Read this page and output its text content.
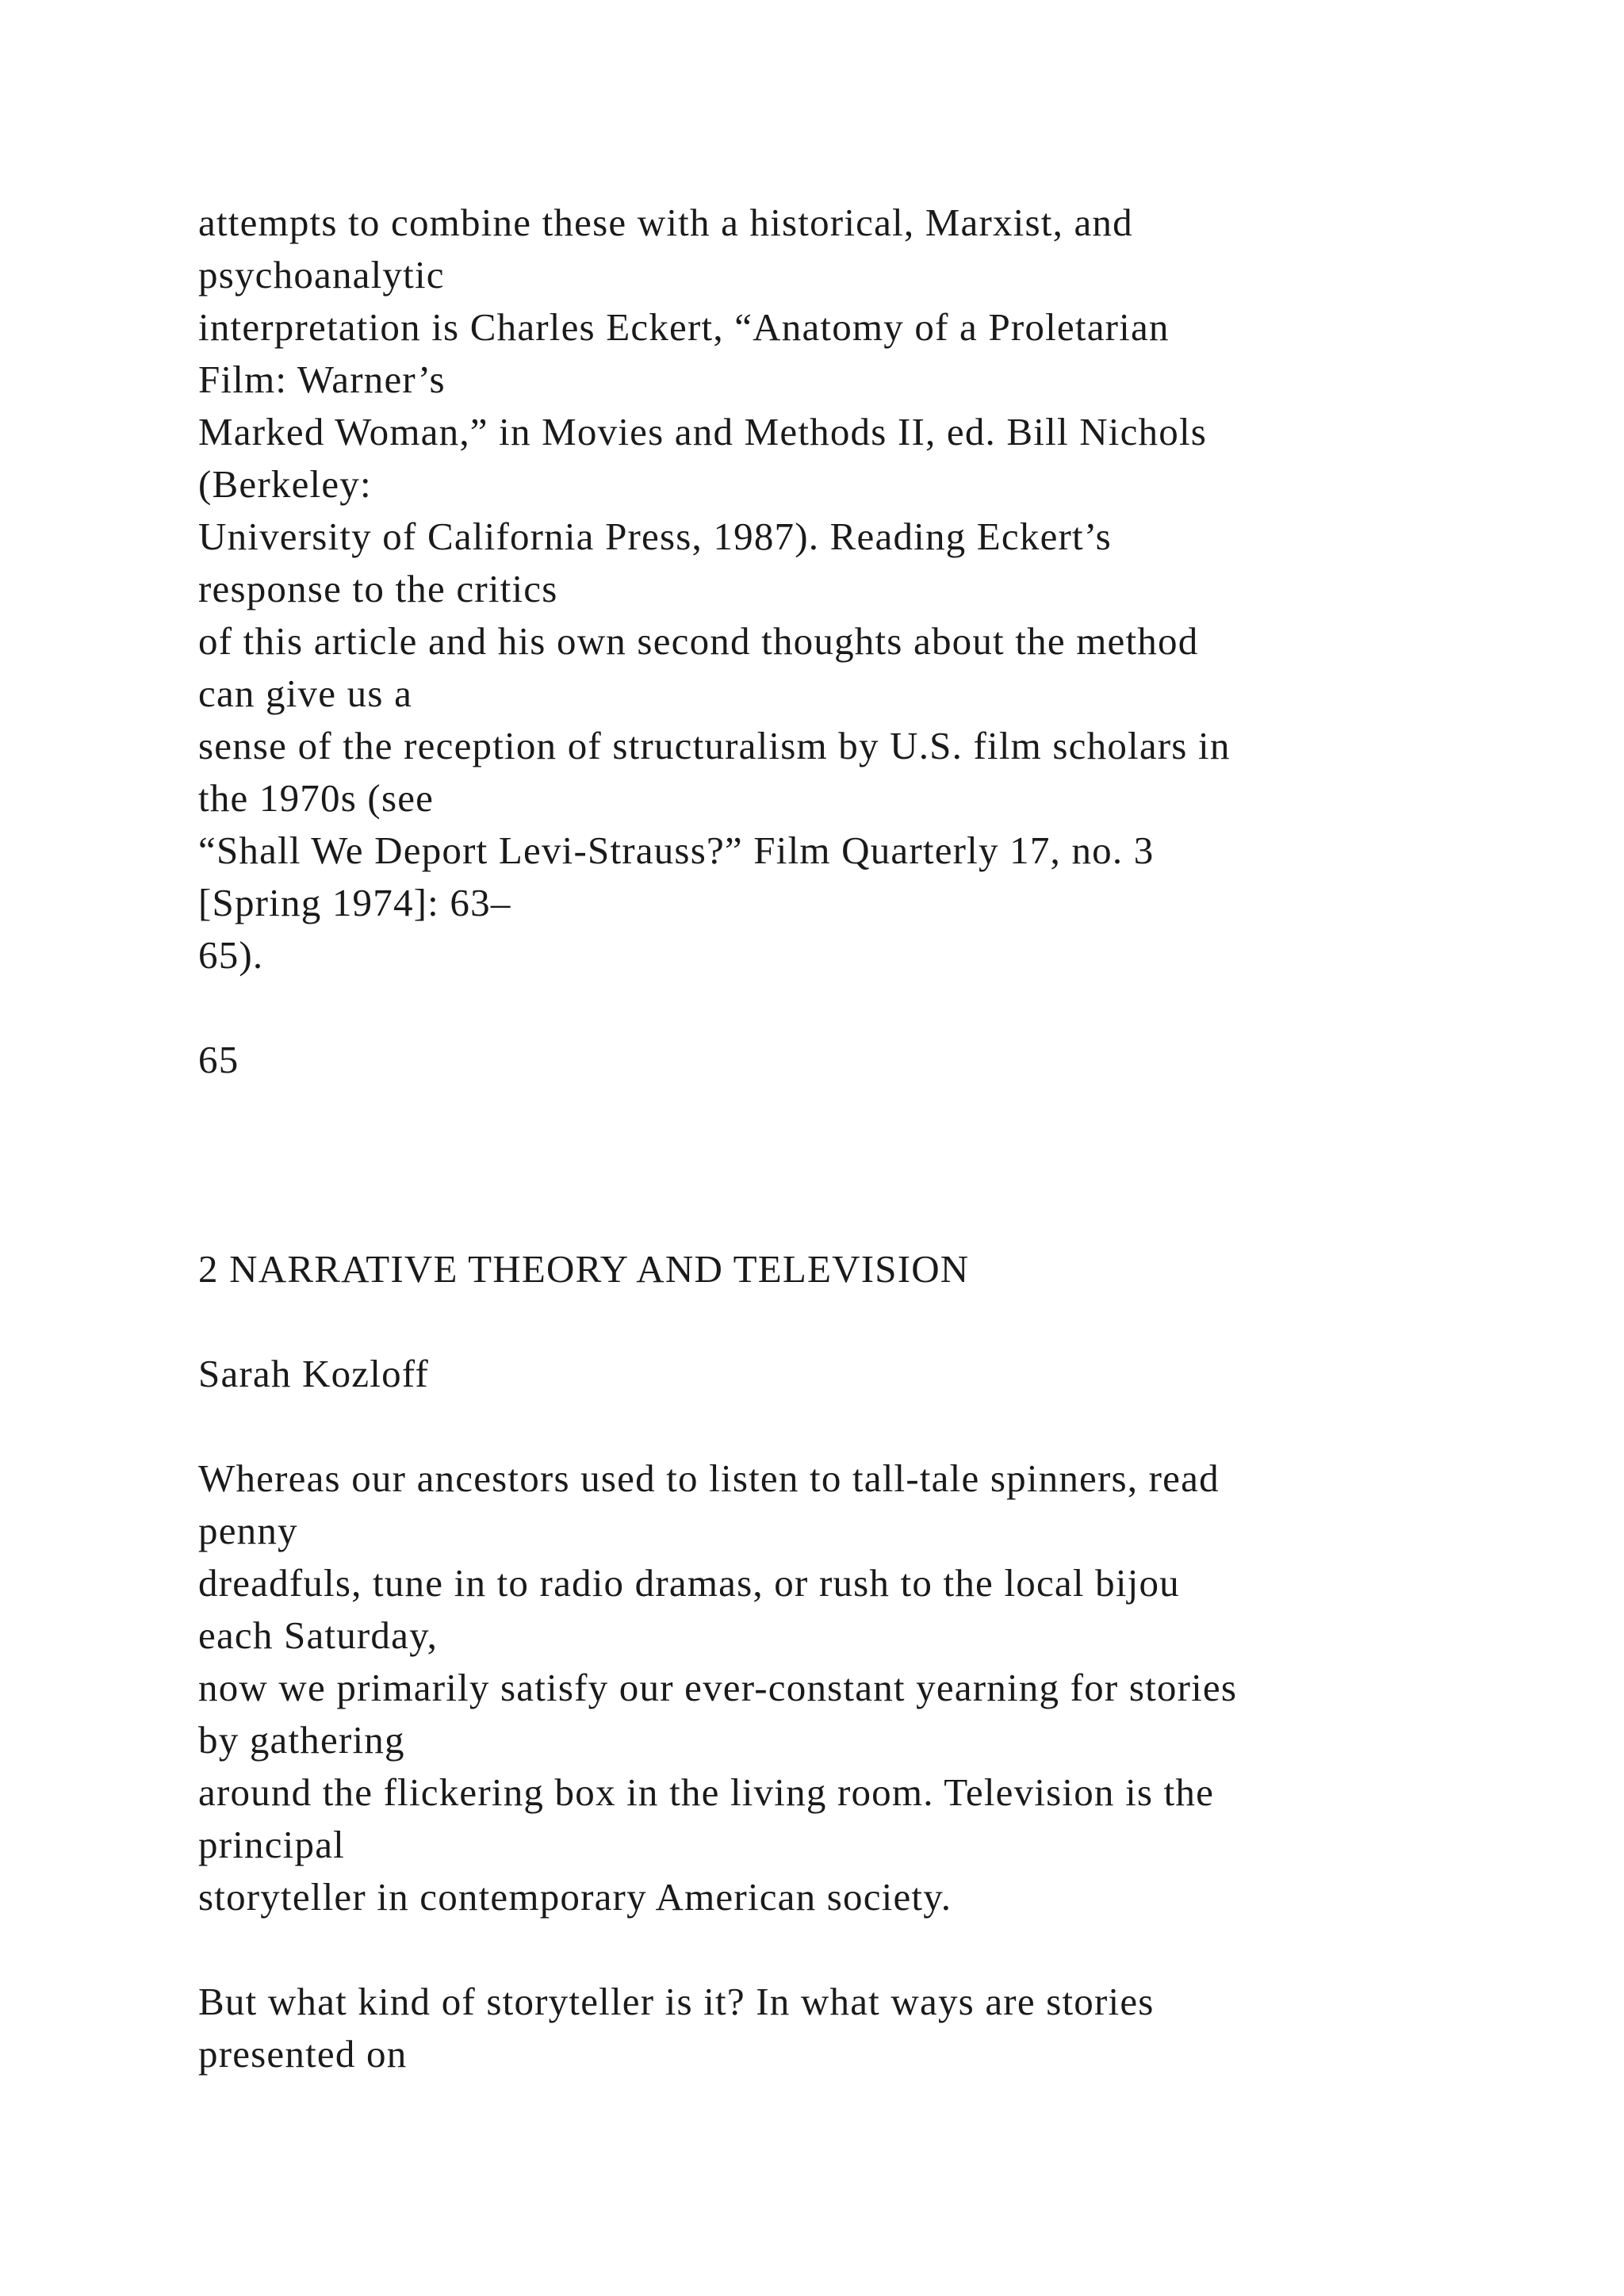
attempts to combine these with a historical, Marxist, and
psychoanalytic
interpretation is Charles Eckert, “Anatomy of a Proletarian
Film: Warner’s
Marked Woman,” in Movies and Methods II, ed. Bill Nichols
(Berkeley:
University of California Press, 1987). Reading Eckert’s
response to the critics
of this article and his own second thoughts about the method
can give us a
sense of the reception of structuralism by U.S. film scholars in
the 1970s (see
“Shall We Deport Levi-Strauss?” Film Quarterly 17, no. 3
[Spring 1974]: 63–
65).
65
2 NARRATIVE THEORY AND TELEVISION
Sarah Kozloff
Whereas our ancestors used to listen to tall-tale spinners, read
penny
dreadfuls, tune in to radio dramas, or rush to the local bijou
each Saturday,
now we primarily satisfy our ever-constant yearning for stories
by gathering
around the flickering box in the living room. Television is the
principal
storyteller in contemporary American society.
But what kind of storyteller is it? In what ways are stories
presented on
